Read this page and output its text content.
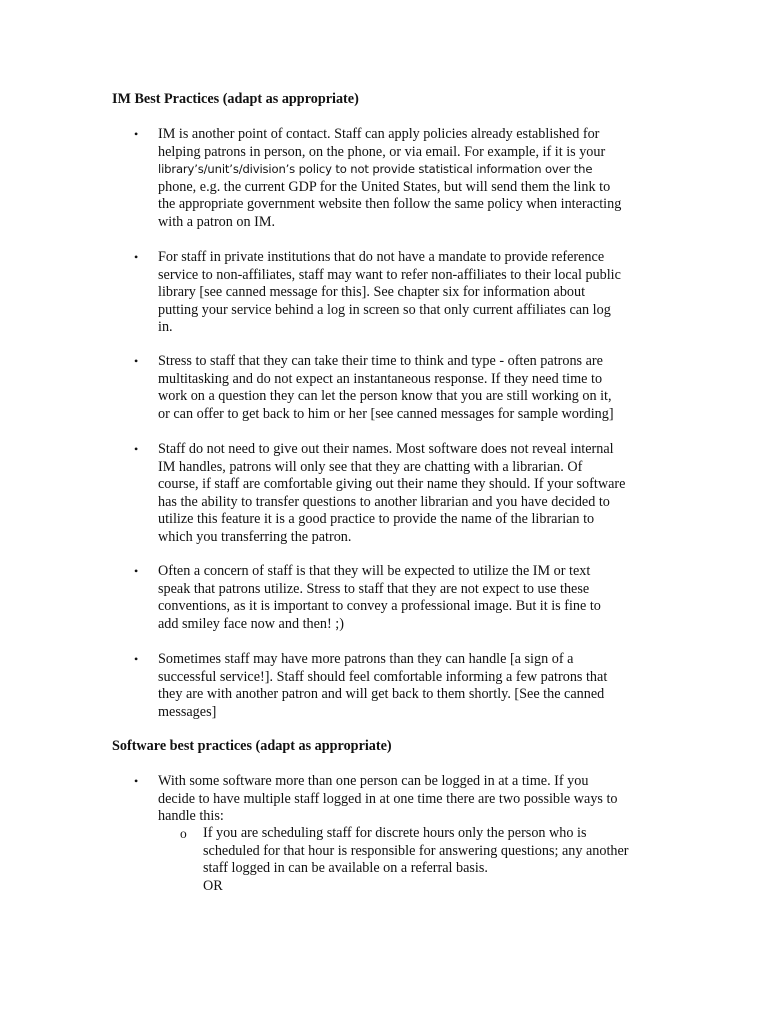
IM Best Practices (adapt as appropriate)
• IM is another point of contact. Staff can apply policies already established for
helping patrons in person, on the phone, or via email. For example, if it is your
library’s/unit’s/division’s policy to not provide statistical information over the
phone, e.g. the current GDP for the United States, but will send them the link to
the appropriate government website then follow the same policy when interacting
with a patron on IM.
• For staff in private institutions that do not have a mandate to provide reference
service to non-affiliates, staff may want to refer non-affiliates to their local public
library [see canned message for this]. See chapter six for information about
putting your service behind a log in screen so that only current affiliates can log
in.
• Stress to staff that they can take their time to think and type - often patrons are
multitasking and do not expect an instantaneous response. If they need time to
work on a question they can let the person know that you are still working on it,
or can offer to get back to him or her [see canned messages for sample wording]
• Staff do not need to give out their names. Most software does not reveal internal
IM handles, patrons will only see that they are chatting with a librarian. Of
course, if staff are comfortable giving out their name they should. If your software
has the ability to transfer questions to another librarian and you have decided to
utilize this feature it is a good practice to provide the name of the librarian to
which you transferring the patron.
• Often a concern of staff is that they will be expected to utilize the IM or text
speak that patrons utilize. Stress to staff that they are not expect to use these
conventions, as it is important to convey a professional image. But it is fine to
add smiley face now and then! ;)
• Sometimes staff may have more patrons than they can handle [a sign of a
successful service!]. Staff should feel comfortable informing a few patrons that
they are with another patron and will get back to them shortly. [See the canned
messages]
Software best practices (adapt as appropriate)
• With some software more than one person can be logged in at a time. If you
decide to have multiple staff logged in at one time there are two possible ways to
handle this:
o If you are scheduling staff for discrete hours only the person who is
scheduled for that hour is responsible for answering questions; any another
staff logged in can be available on a referral basis.
OR
